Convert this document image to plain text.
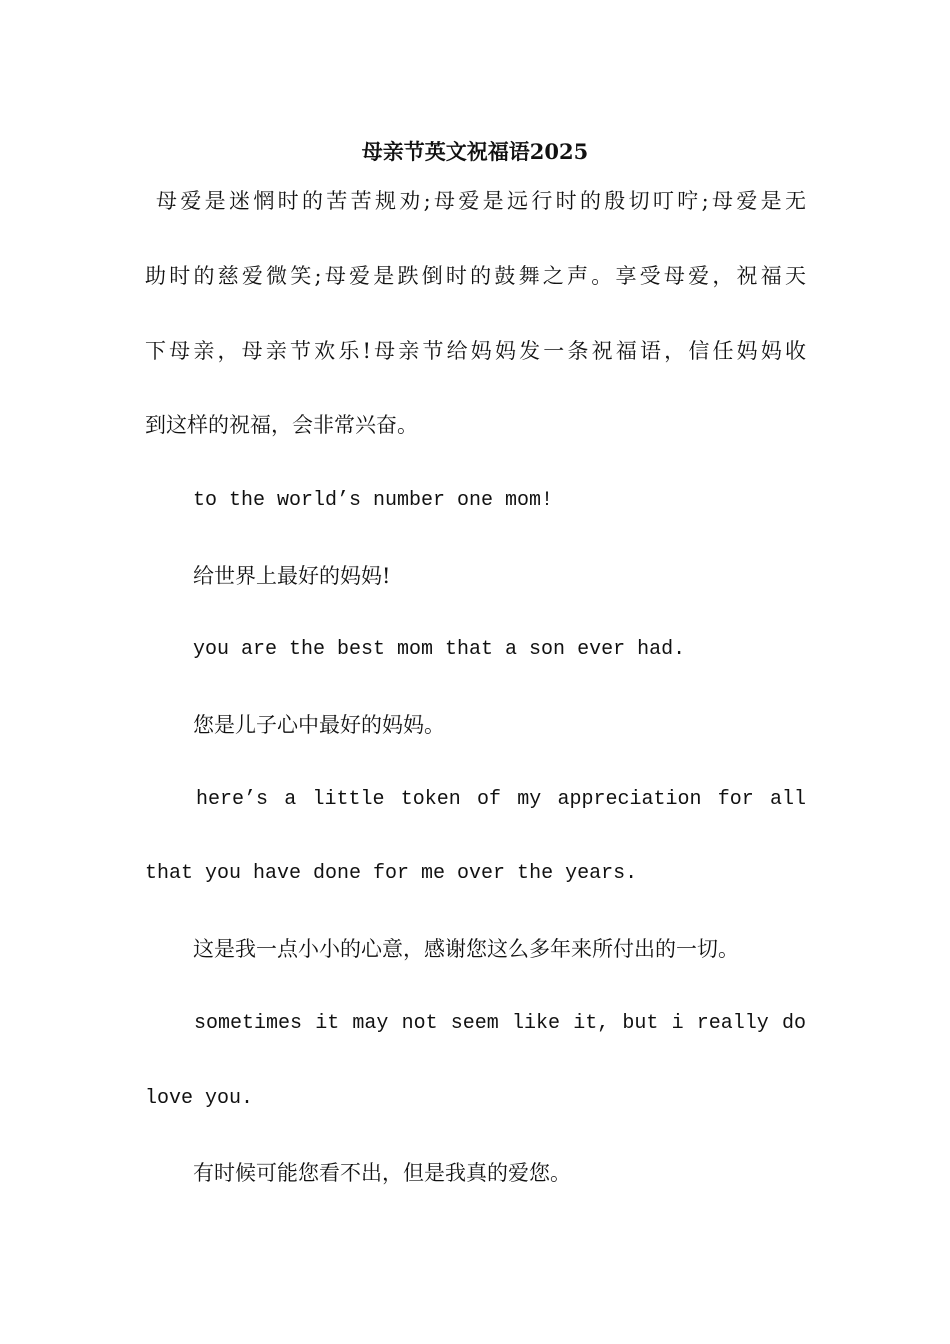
母亲节英文祝福语2025
母爱是迷惘时的苦苦规劝;母爱是远行时的殷切叮咛;母爱是无
助时的慈爱微笑;母爱是跌倒时的鼓舞之声。享受母爱，祝福天
下母亲，母亲节欢乐!母亲节给妈妈发一条祝福语，信任妈妈收
到这样的祝福，会非常兴奋。
to the world’s number one mom!
给世界上最好的妈妈!
you are the best mom that a son ever had.
您是儿子心中最好的妈妈。
here’s a little token of my appreciation for all
that you have done for me over the years.
这是我一点小小的心意，感谢您这么多年来所付出的一切。
sometimes it may not seem like it, but i really do
love you.
有时候可能您看不出，但是我真的爱您。
